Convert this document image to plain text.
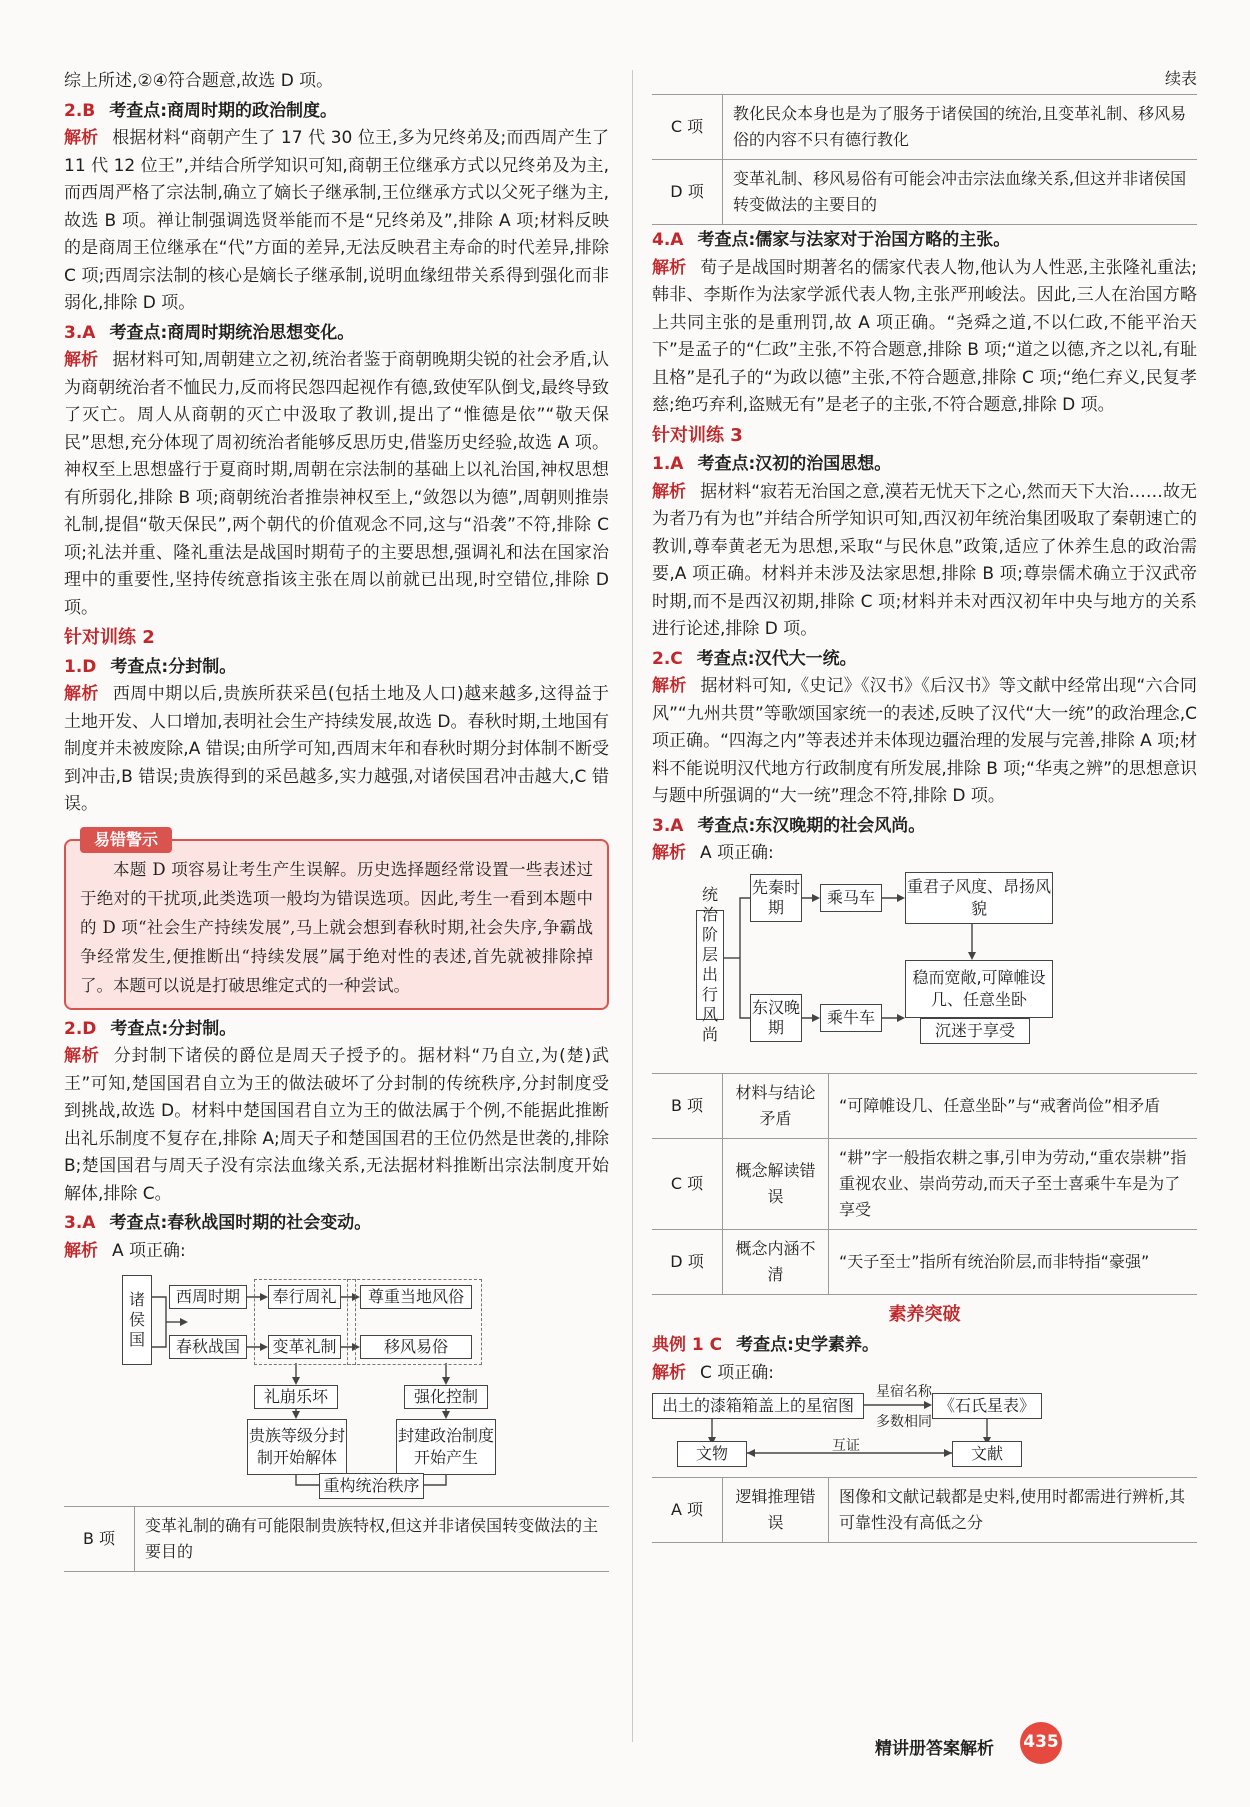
综上所述,②④符合题意,故选 D 项。

2.B 考查点:商周时期的政治制度。

解析 根据材料“商朝产生了 17 代 30 位王,多为兄终弟及;而西周产生了 11 代 12 位王”,并结合所学知识可知,商朝王位继承方式以兄终弟及为主,而西周严格了宗法制,确立了嫡长子继承制,王位继承方式以父死子继为主,故选 B 项。禅让制强调选贤举能而不是“兄终弟及”,排除 A 项;材料反映的是商周王位继承在“代”方面的差异,无法反映君主寿命的时代差异,排除 C 项;西周宗法制的核心是嫡长子继承制,说明血缘纽带关系得到强化而非弱化,排除 D 项。

3.A 考查点:商周时期统治思想变化。

解析 据材料可知,周朝建立之初,统治者鉴于商朝晚期尖锐的社会矛盾,认为商朝统治者不恤民力,反而将民怨四起视作有德,致使军队倒戈,最终导致了灭亡。周人从商朝的灭亡中汲取了教训,提出了“惟德是依”“敬天保民”思想,充分体现了周初统治者能够反思历史,借鉴历史经验,故选 A 项。神权至上思想盛行于夏商时期,周朝在宗法制的基础上以礼治国,神权思想有所弱化,排除 B 项;商朝统治者推崇神权至上,“敛怨以为德”,周朝则推崇礼制,提倡“敬天保民”,两个朝代的价值观念不同,这与“沿袭”不符,排除 C 项;礼法并重、隆礼重法是战国时期荀子的主要思想,强调礼和法在国家治理中的重要性,坚持传统意指该主张在周以前就已出现,时空错位,排除 D 项。

针对训练 2

1.D 考查点:分封制。

解析 西周中期以后,贵族所获采邑(包括土地及人口)越来越多,这得益于土地开发、人口增加,表明社会生产持续发展,故选 D。春秋时期,土地国有制度并未被废除,A 错误;由所学可知,西周末年和春秋时期分封体制不断受到冲击,B 错误;贵族得到的采邑越多,实力越强,对诸侯国君冲击越大,C 错误。

易错警示

本题 D 项容易让考生产生误解。历史选择题经常设置一些表述过于绝对的干扰项,此类选项一般均为错误选项。因此,考生一看到本题中的 D 项“社会生产持续发展”,马上就会想到春秋时期,社会失序,争霸战争经常发生,便推断出“持续发展”属于绝对性的表述,首先就被排除掉了。本题可以说是打破思维定式的一种尝试。

2.D 考查点:分封制。

解析 分封制下诸侯的爵位是周天子授予的。据材料“乃自立,为(楚)武王”可知,楚国国君自立为王的做法破坏了分封制的传统秩序,分封制度受到挑战,故选 D。材料中楚国国君自立为王的做法属于个例,不能据此推断出礼乐制度不复存在,排除 A;周天子和楚国国君的王位仍然是世袭的,排除 B;楚国国君与周天子没有宗法血缘关系,无法据材料推断出宗法制度开始解体,排除 C。

3.A 考查点:春秋战国时期的社会变动。

解析 A 项正确:

诸侯国
西周时期
春秋战国
奉行周礼
变革礼制
尊重当地风俗
移风易俗
礼崩乐坏	强化控制
贵族等级分封制开始解体
封建政治制度开始产生
重构统治秩序
B 项	变革礼制的确有可能限制贵族特权,但这并非诸侯国转变做法的主要目的
续表
C 项	教化民众本身也是为了服务于诸侯国的统治,且变革礼制、移风易俗的内容不只有德行教化
D 项	变革礼制、移风易俗有可能会冲击宗法血缘关系,但这并非诸侯国转变做法的主要目的

4.A 考查点:儒家与法家对于治国方略的主张。

解析 荀子是战国时期著名的儒家代表人物,他认为人性恶,主张隆礼重法;韩非、李斯作为法家学派代表人物,主张严刑峻法。因此,三人在治国方略上共同主张的是重刑罚,故 A 项正确。“尧舜之道,不以仁政,不能平治天下”是孟子的“仁政”主张,不符合题意,排除 B 项;“道之以德,齐之以礼,有耻且格”是孔子的“为政以德”主张,不符合题意,排除 C 项;“绝仁弃义,民复孝慈;绝巧弃利,盗贼无有”是老子的主张,不符合题意,排除 D 项。

针对训练 3

1.A 考查点:汉初的治国思想。

解析 据材料“寂若无治国之意,漠若无忧天下之心,然而天下大治……故无为者乃有为也”并结合所学知识可知,西汉初年统治集团吸取了秦朝速亡的教训,尊奉黄老无为思想,采取“与民休息”政策,适应了休养生息的政治需要,A 项正确。材料并未涉及法家思想,排除 B 项;尊崇儒术确立于汉武帝时期,而不是西汉初期,排除 C 项;材料并未对西汉初年中央与地方的关系进行论述,排除 D 项。

2.C 考查点:汉代大一统。

解析 据材料可知,《史记》《汉书》《后汉书》等文献中经常出现“六合同风”“九州共贯”等歌颂国家统一的表述,反映了汉代“大一统”的政治理念,C 项正确。“四海之内”等表述并未体现边疆治理的发展与完善,排除 A 项;材料不能说明汉代地方行政制度有所发展,排除 B 项;“华夷之辨”的思想意识与题中所强调的“大一统”理念不符,排除 D 项。

3.A 考查点:东汉晚期的社会风尚。

解析 A 项正确:

统治阶层出行风尚
先秦时期
东汉晚期
乘马车
乘牛车
重君子风度、昂扬风貌
稳而宽敞,可障帷设几、任意坐卧
沉迷于享受
B 项	材料与结论矛盾	“可障帷设几、任意坐卧”与“戒奢尚俭”相矛盾
C 项	概念解读错误	“耕”字一般指农耕之事,引申为劳动,“重农崇耕”指重视农业、崇尚劳动,而天子至士喜乘牛车是为了享受
D 项	概念内涵不清	“天子至士”指所有统治阶层,而非特指“豪强”
素养突破

典例 1 C 考查点:史学素养。

解析 C 项正确:

出土的漆箱箱盖上的星宿图	《石氏星表》
星宿名称
多数相同
文物	文献
互证
A 项	逻辑推理错误	图像和文献记载都是史料,使用时都需进行辨析,其可靠性没有高低之分
精讲册答案解析 435
